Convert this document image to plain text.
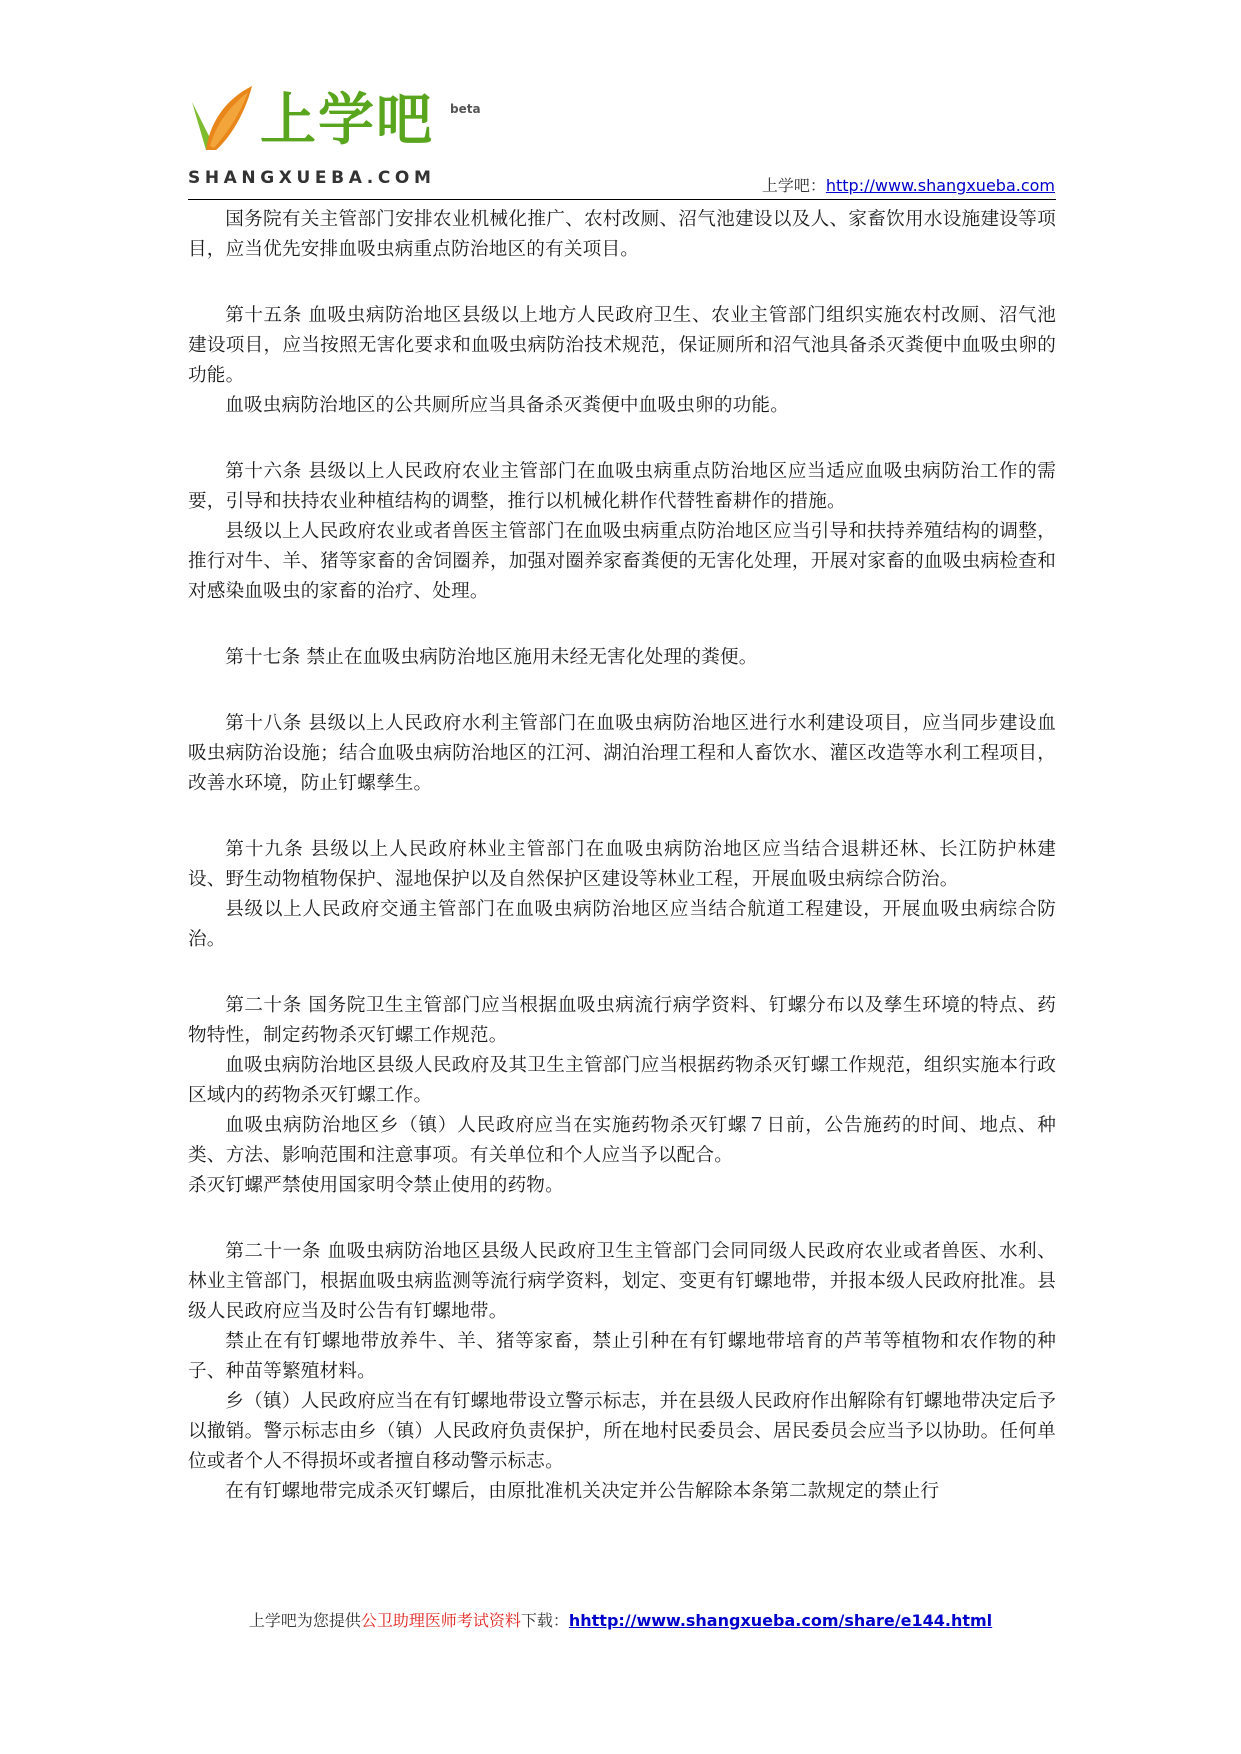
上学吧 beta
SHANGXUEBA.COM	上学吧：http://www.shangxueba.com

国务院有关主管部门安排农业机械化推广、农村改厕、沼气池建设以及人、家畜饮用水设施建设等项目，应当优先安排血吸虫病重点防治地区的有关项目。

第十五条 血吸虫病防治地区县级以上地方人民政府卫生、农业主管部门组织实施农村改厕、沼气池建设项目，应当按照无害化要求和血吸虫病防治技术规范，保证厕所和沼气池具备杀灭粪便中血吸虫卵的功能。

血吸虫病防治地区的公共厕所应当具备杀灭粪便中血吸虫卵的功能。

第十六条 县级以上人民政府农业主管部门在血吸虫病重点防治地区应当适应血吸虫病防治工作的需要，引导和扶持农业种植结构的调整，推行以机械化耕作代替牲畜耕作的措施。

县级以上人民政府农业或者兽医主管部门在血吸虫病重点防治地区应当引导和扶持养殖结构的调整，推行对牛、羊、猪等家畜的舍饲圈养，加强对圈养家畜粪便的无害化处理，开展对家畜的血吸虫病检查和对感染血吸虫的家畜的治疗、处理。

第十七条 禁止在血吸虫病防治地区施用未经无害化处理的粪便。

第十八条 县级以上人民政府水利主管部门在血吸虫病防治地区进行水利建设项目，应当同步建设血吸虫病防治设施；结合血吸虫病防治地区的江河、湖泊治理工程和人畜饮水、灌区改造等水利工程项目，改善水环境，防止钉螺孳生。

第十九条 县级以上人民政府林业主管部门在血吸虫病防治地区应当结合退耕还林、长江防护林建设、野生动物植物保护、湿地保护以及自然保护区建设等林业工程，开展血吸虫病综合防治。

县级以上人民政府交通主管部门在血吸虫病防治地区应当结合航道工程建设，开展血吸虫病综合防治。

第二十条 国务院卫生主管部门应当根据血吸虫病流行病学资料、钉螺分布以及孳生环境的特点、药物特性，制定药物杀灭钉螺工作规范。

血吸虫病防治地区县级人民政府及其卫生主管部门应当根据药物杀灭钉螺工作规范，组织实施本行政区域内的药物杀灭钉螺工作。

血吸虫病防治地区乡（镇）人民政府应当在实施药物杀灭钉螺７日前，公告施药的时间、地点、种类、方法、影响范围和注意事项。有关单位和个人应当予以配合。

杀灭钉螺严禁使用国家明令禁止使用的药物。

第二十一条 血吸虫病防治地区县级人民政府卫生主管部门会同同级人民政府农业或者兽医、水利、林业主管部门，根据血吸虫病监测等流行病学资料，划定、变更有钉螺地带，并报本级人民政府批准。县级人民政府应当及时公告有钉螺地带。

禁止在有钉螺地带放养牛、羊、猪等家畜，禁止引种在有钉螺地带培育的芦苇等植物和农作物的种子、种苗等繁殖材料。

乡（镇）人民政府应当在有钉螺地带设立警示标志，并在县级人民政府作出解除有钉螺地带决定后予以撤销。警示标志由乡（镇）人民政府负责保护，所在地村民委员会、居民委员会应当予以协助。任何单位或者个人不得损坏或者擅自移动警示标志。

在有钉螺地带完成杀灭钉螺后，由原批准机关决定并公告解除本条第二款规定的禁止行

上学吧为您提供公卫助理医师考试资料下载：hhttp://www.shangxueba.com/share/e144.html
